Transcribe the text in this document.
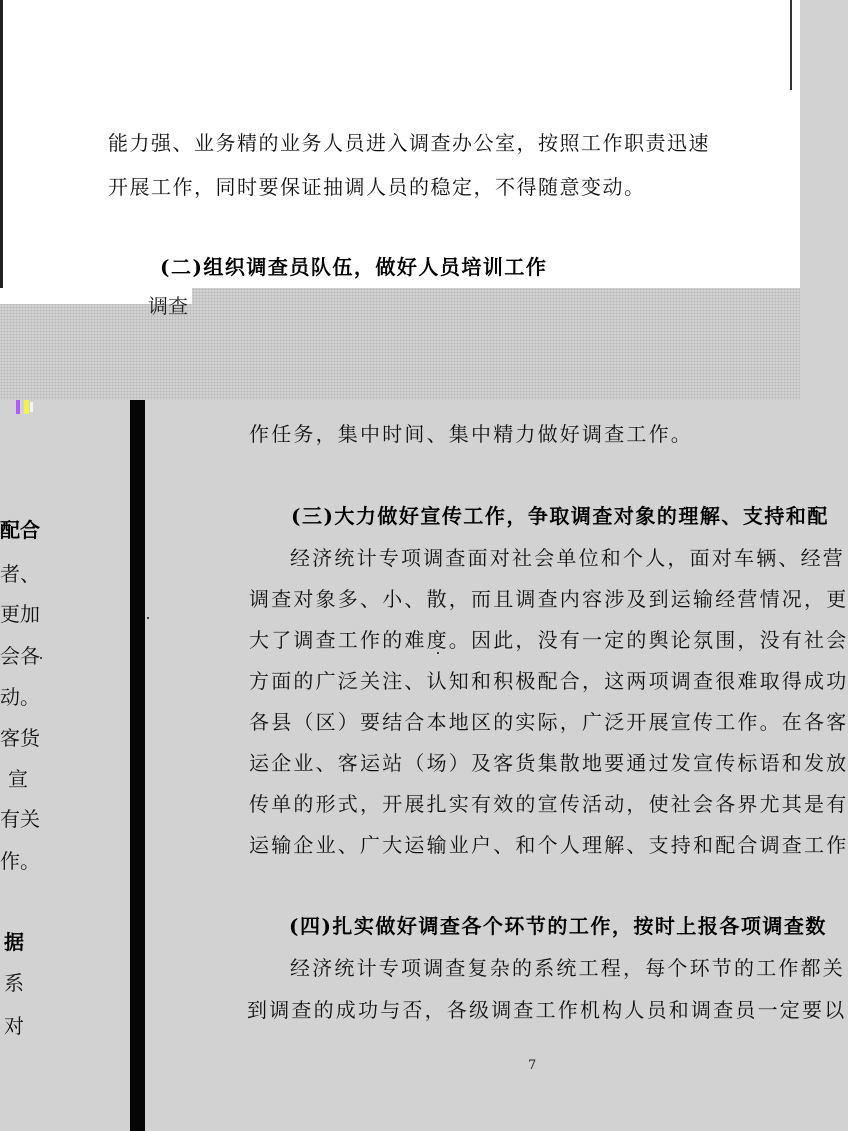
能力强、业务精的业务人员进入调查办公室，按照工作职责迅速
开展工作，同时要保证抽调人员的稳定，不得随意变动。
(二)组织调查员队伍，做好人员培训工作
配合
者、
更加
会各
动。
客货
宣
有关
作。
据
系
对
作任务，集中时间、集中精力做好调查工作。
(三)大力做好宣传工作，争取调查对象的理解、支持和配
经济统计专项调查面对社会单位和个人，面对车辆、经营
调查对象多、小、散，而且调查内容涉及到运输经营情况，更
大了调查工作的难度。因此，没有一定的舆论氛围，没有社会
方面的广泛关注、认知和积极配合，这两项调查很难取得成功
各县（区）要结合本地区的实际，广泛开展宣传工作。在各客
运企业、客运站（场）及客货集散地要通过发宣传标语和发放
传单的形式，开展扎实有效的宣传活动，使社会各界尤其是有
运输企业、广大运输业户、和个人理解、支持和配合调查工作
(四)扎实做好调查各个环节的工作，按时上报各项调查数
经济统计专项调查复杂的系统工程，每个环节的工作都关
到调查的成功与否，各级调查工作机构人员和调查员一定要以
7
